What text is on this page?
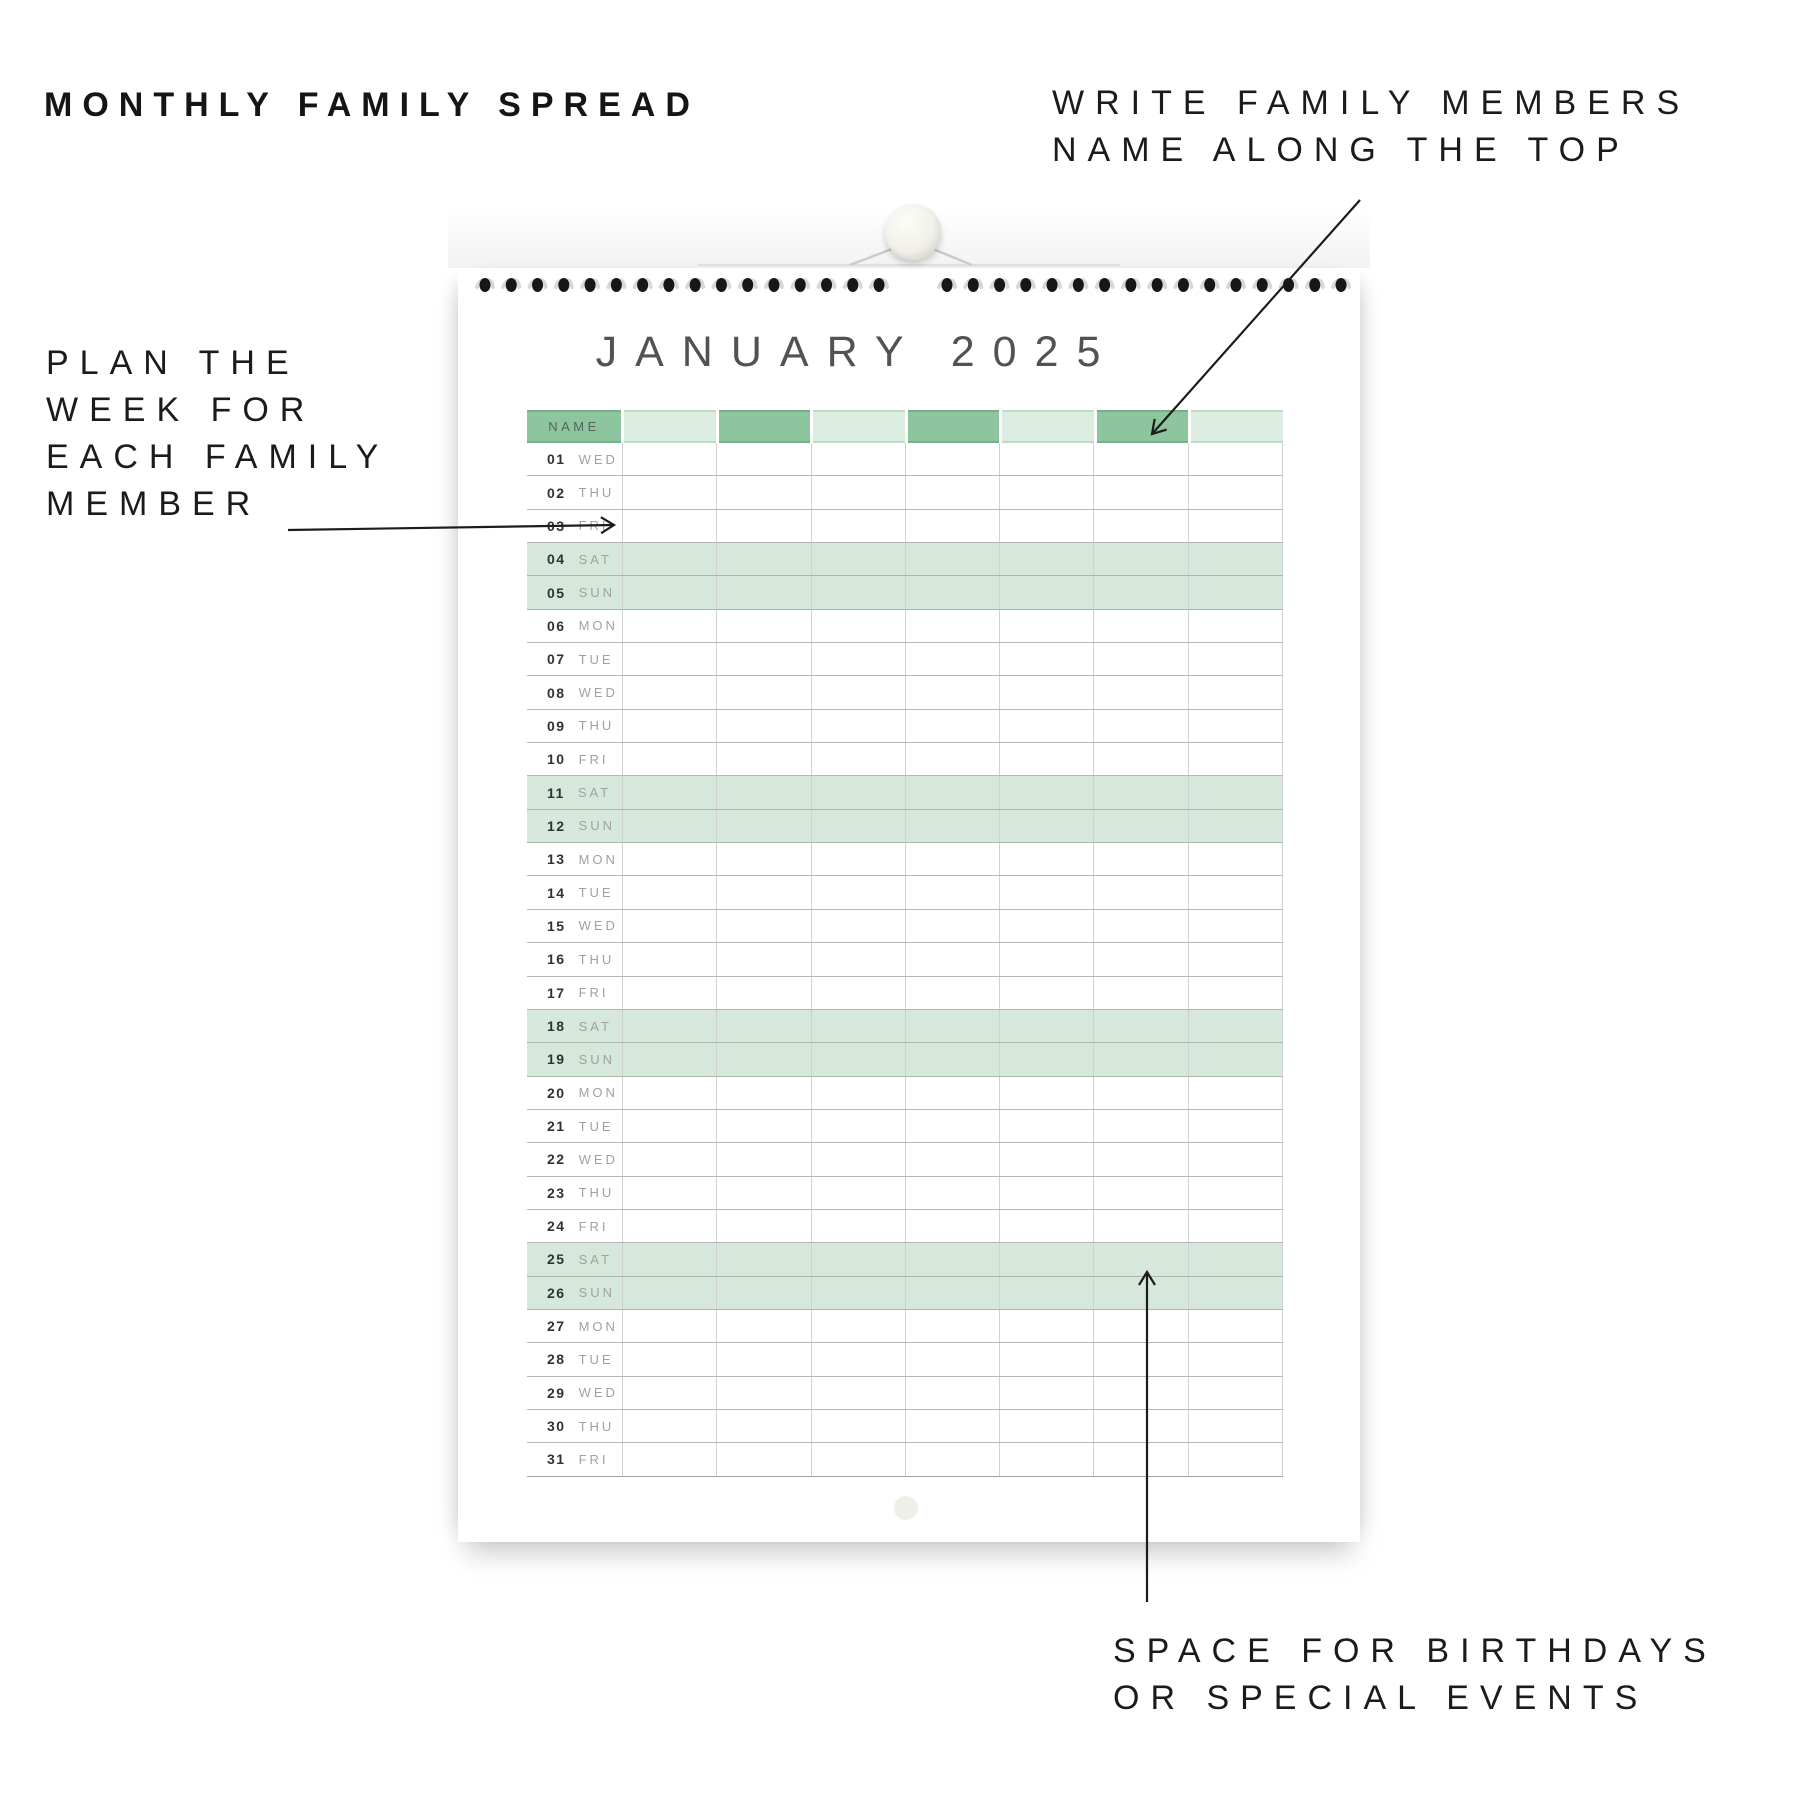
MONTHLY FAMILY SPREAD	WRITE FAMILY MEMBERS
NAME ALONG THE TOP
PLAN THE
WEEK FOR
EACH FAMILY
MEMBER
SPACE FOR BIRTHDAYS
OR SPECIAL EVENTS
JANUARY 2025
NAME
01 WED
02 THU
03 FRI
04 SAT
05 SUN
06 MON
07 TUE
08 WED
09 THU
10 FRI
11 SAT
12 SUN
13 MON
14 TUE
15 WED
16 THU
17 FRI
18 SAT
19 SUN
20 MON
21 TUE
22 WED
23 THU
24 FRI
25 SAT
26 SUN
27 MON
28 TUE
29 WED
30 THU
31 FRI
